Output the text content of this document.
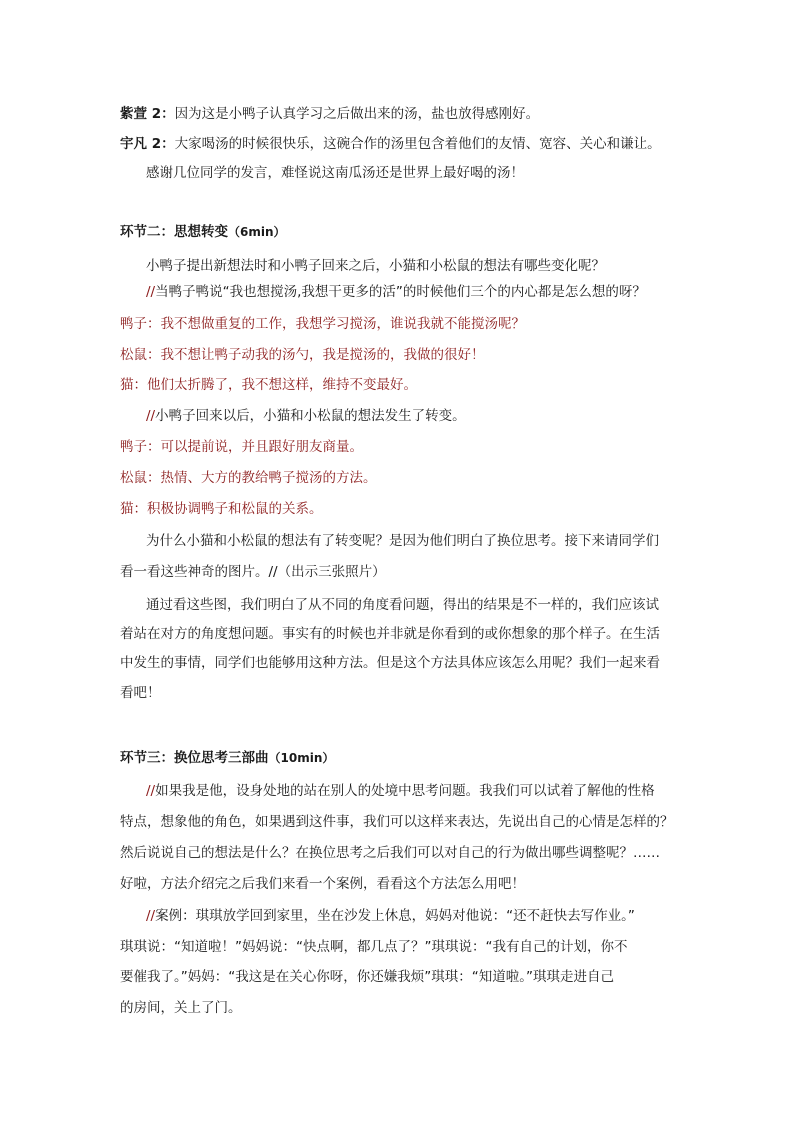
紫萱 2：因为这是小鸭子认真学习之后做出来的汤，盐也放得感刚好。
宇凡 2：大家喝汤的时候很快乐，这碗合作的汤里包含着他们的友情、宽容、关心和谦让。
感谢几位同学的发言，难怪说这南瓜汤还是世界上最好喝的汤！
环节二：思想转变（6min）
小鸭子提出新想法时和小鸭子回来之后，小猫和小松鼠的想法有哪些变化呢？
//当鸭子鸭说“我也想搅汤,我想干更多的活”的时候他们三个的内心都是怎么想的呀？
鸭子：我不想做重复的工作，我想学习搅汤，谁说我就不能搅汤呢？
松鼠：我不想让鸭子动我的汤勺，我是搅汤的，我做的很好！
猫：他们太折腾了，我不想这样，维持不变最好。
//小鸭子回来以后，小猫和小松鼠的想法发生了转变。
鸭子：可以提前说，并且跟好朋友商量。
松鼠：热情、大方的教给鸭子搅汤的方法。
猫：积极协调鸭子和松鼠的关系。
为什么小猫和小松鼠的想法有了转变呢？是因为他们明白了换位思考。接下来请同学们
看一看这些神奇的图片。//（出示三张照片）
通过看这些图，我们明白了从不同的角度看问题，得出的结果是不一样的，我们应该试
着站在对方的角度想问题。事实有的时候也并非就是你看到的或你想象的那个样子。在生活
中发生的事情，同学们也能够用这种方法。但是这个方法具体应该怎么用呢？我们一起来看
看吧！
环节三：换位思考三部曲（10min）
//如果我是他，设身处地的站在别人的处境中思考问题。我我们可以试着了解他的性格
特点，想象他的角色，如果遇到这件事，我们可以这样来表达，先说出自己的心情是怎样的？
然后说说自己的想法是什么？在换位思考之后我们可以对自己的行为做出哪些调整呢？……
好啦，方法介绍完之后我们来看一个案例，看看这个方法怎么用吧！
//案例：琪琪放学回到家里，坐在沙发上休息，妈妈对他说：“还不赶快去写作业。”
琪琪说：“知道啦！”妈妈说：“快点啊，都几点了？”琪琪说：“我有自己的计划，你不
要催我了。”妈妈：“我这是在关心你呀，你还嫌我烦”琪琪：“知道啦。”琪琪走进自己
的房间，关上了门。
